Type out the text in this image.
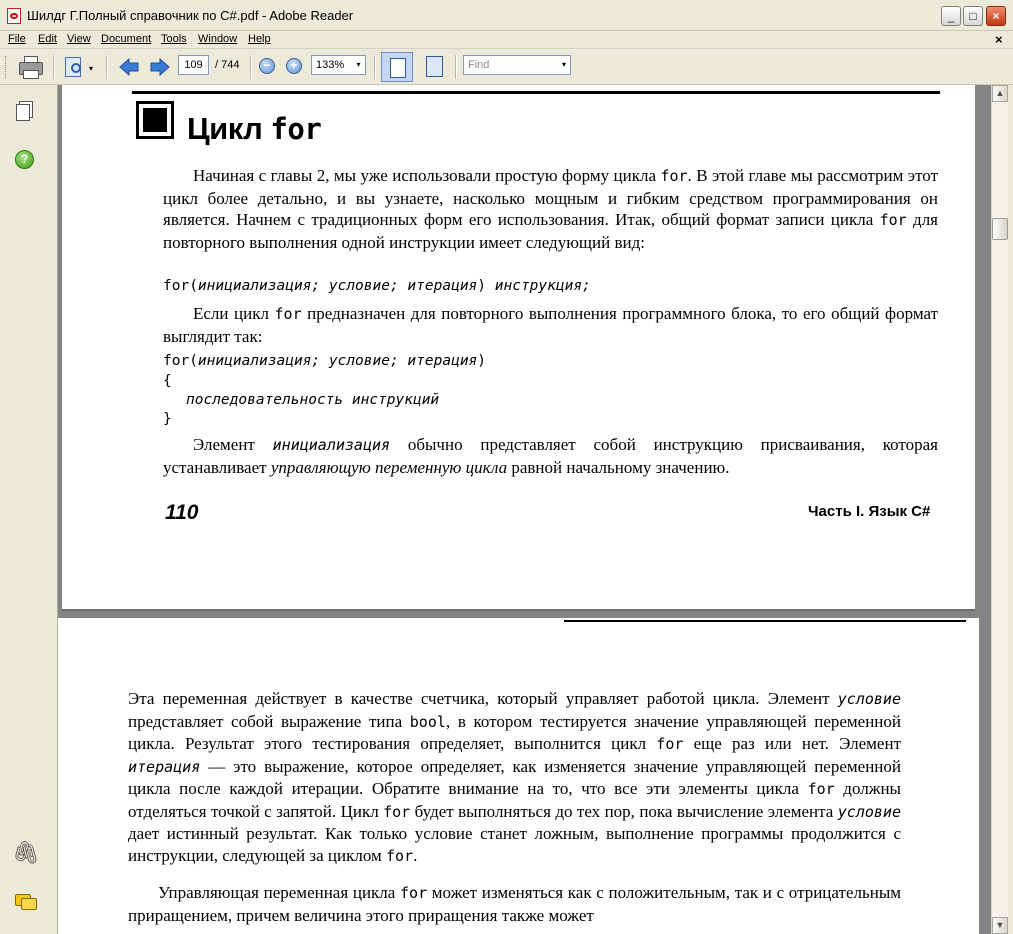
Шилдг Г.Полный справочник по C#.pdf - Adobe Reader	_	□	×
File Edit View Document Tools Window Help	×
▾	109	/ 744	−	+	133%	▾	Find	▾
?
🖇
Цикл for
Начиная с главы 2, мы уже использовали простую форму цикла for. В этой главе мы рассмотрим этот цикл более детально, и вы узнаете, насколько мощным и гибким средством программирования он является. Начнем с традиционных форм его использования. Итак, общий формат записи цикла for для повторного выполнения одной инструкции имеет следующий вид:
for(инициализация; условие; итерация) инструкция;
Если цикл for предназначен для повторного выполнения программного блока, то его общий формат выглядит так:
for(инициализация; условие; итерация)
{
последовательность инструкций
}
Элемент инициализация обычно представляет собой инструкцию присваивания, которая устанавливает управляющую переменную цикла равной начальному значению.
110	Часть I. Язык C#
Эта переменная действует в качестве счетчика, который управляет работой цикла. Элемент условие представляет собой выражение типа bool, в котором тестируется значение управляющей переменной цикла. Результат этого тестирования определяет, выполнится цикл for еще раз или нет. Элемент итерация — это выражение, которое определяет, как изменяется значение управляющей переменной цикла после каждой итерации. Обратите внимание на то, что все эти элементы цикла for должны отделяться точкой с запятой. Цикл for будет выполняться до тех пор, пока вычисление элемента условие дает истинный результат. Как только условие станет ложным, выполнение программы продолжится с инструкции, следующей за циклом for.
Управляющая переменная цикла for может изменяться как с положительным, так и с отрицательным приращением, причем величина этого приращения также может
▲
▼
